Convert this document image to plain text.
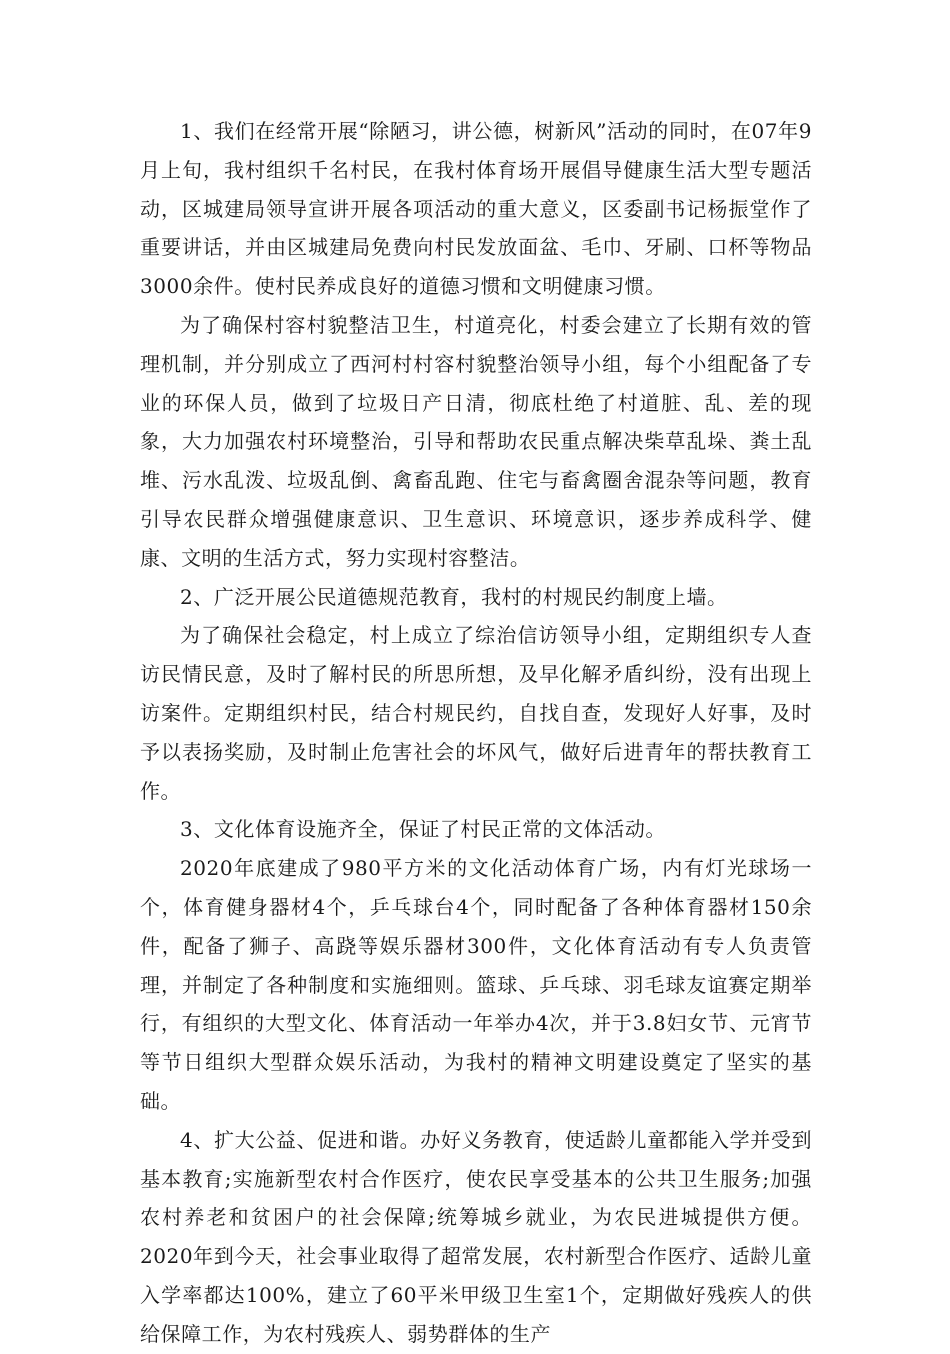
1、我们在经常开展“除陋习，讲公德，树新风”活动的同时，在07年9月上旬，我村组织千名村民，在我村体育场开展倡导健康生活大型专题活动，区城建局领导宣讲开展各项活动的重大意义，区委副书记杨振堂作了重要讲话，并由区城建局免费向村民发放面盆、毛巾、牙刷、口杯等物品3000余件。使村民养成良好的道德习惯和文明健康习惯。

为了确保村容村貌整洁卫生，村道亮化，村委会建立了长期有效的管理机制，并分别成立了西河村村容村貌整治领导小组，每个小组配备了专业的环保人员，做到了垃圾日产日清，彻底杜绝了村道脏、乱、差的现象，大力加强农村环境整治，引导和帮助农民重点解决柴草乱垛、粪土乱堆、污水乱泼、垃圾乱倒、禽畜乱跑、住宅与畜禽圈舍混杂等问题，教育引导农民群众增强健康意识、卫生意识、环境意识，逐步养成科学、健康、文明的生活方式，努力实现村容整洁。

2、广泛开展公民道德规范教育，我村的村规民约制度上墙。

为了确保社会稳定，村上成立了综治信访领导小组，定期组织专人查访民情民意，及时了解村民的所思所想，及早化解矛盾纠纷，没有出现上访案件。定期组织村民，结合村规民约，自找自查，发现好人好事，及时予以表扬奖励，及时制止危害社会的坏风气，做好后进青年的帮扶教育工作。

3、文化体育设施齐全，保证了村民正常的文体活动。

2020年底建成了980平方米的文化活动体育广场，内有灯光球场一个，体育健身器材4个，乒乓球台4个，同时配备了各种体育器材150余件，配备了狮子、高跷等娱乐器材300件，文化体育活动有专人负责管理，并制定了各种制度和实施细则。篮球、乒乓球、羽毛球友谊赛定期举行，有组织的大型文化、体育活动一年举办4次，并于3.8妇女节、元宵节等节日组织大型群众娱乐活动，为我村的精神文明建设奠定了坚实的基础。

4、扩大公益、促进和谐。办好义务教育，使适龄儿童都能入学并受到基本教育;实施新型农村合作医疗，使农民享受基本的公共卫生服务;加强农村养老和贫困户的社会保障;统筹城乡就业，为农民进城提供方便。2020年到今天，社会事业取得了超常发展，农村新型合作医疗、适龄儿童入学率都达100%，建立了60平米甲级卫生室1个，定期做好残疾人的供给保障工作，为农村残疾人、弱势群体的生产
